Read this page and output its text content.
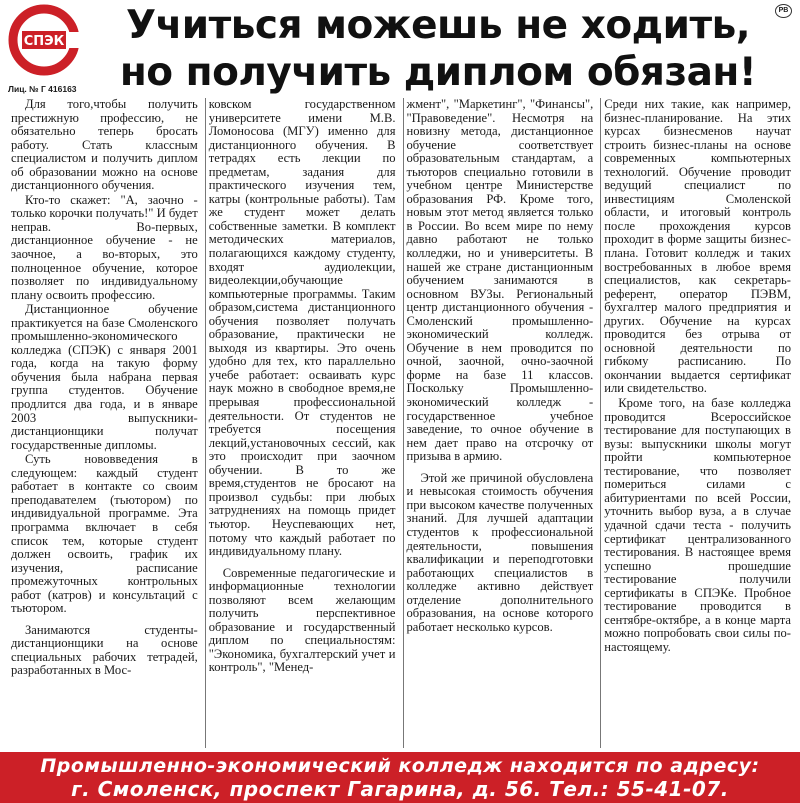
СПЭК
Лиц. № Г 416163
РВ
Учиться можешь не ходить,
но получить диплом обязан!

Для того,чтобы получить престижную профессию, не обязательно теперь бросать работу. Стать классным специалистом и получить диплом об образовании можно на основе дистанционного обучения.

Кто-то скажет: "А, заочно - только корочки получать!" И будет неправ. Во-первых, дистанционное обучение - не заочное, а во-вторых, это полноценное обучение, которое позволяет по индивидуальному плану освоить профессию.

Дистанционное обучение практикуется на базе Смоленского промышленно-экономического колледжа (СПЭК) с января 2001 года, когда на такую форму обучения была набрана первая группа студентов. Обучение продлится два года, и в январе 2003 выпускники-дистанционщики получат государственные дипломы.

Суть нововведения в следующем: каждый студент работает в контакте со своим преподавателем (тьютором) по индивидуальной программе. Эта программа включает в себя список тем, которые студент должен освоить, график их изучения, расписание промежуточных контрольных работ (катров) и консультаций с тьютором.

Занимаются студенты-дистанционщики на основе специальных рабочих тетрадей, разработанных в Мос-

ковском государственном университете имени М.В. Ломоносова (МГУ) именно для дистанционного обучения. В тетрадях есть лекции по предметам, задания для практического изучения тем, катры (контрольные работы). Там же студент может делать собственные заметки. В комплект методических материалов, полагающихся каждому студенту, входят аудиолекции, видеолекции,обучающие компьютерные программы. Таким образом,система дистанционного обучения позволяет получать образование, практически не выходя из квартиры. Это очень удобно для тех, кто параллельно учебе работает: осваивать курс наук можно в свободное время,не прерывая профессиональной деятельности. От студентов не требуется посещения лекций,установочных сессий, как это происходит при заочном обучении. В то же время,студентов не бросают на произвол судьбы: при любых затруднениях на помощь придет тьютор. Неуспевающих нет, потому что каждый работает по индивидуальному плану.

Современные педагогические и информационные технологии позволяют всем желающим получить перспективное образование и государственный диплом по специальностям: "Экономика, бухгалтерский учет и контроль", "Менед-

жмент", "Маркетинг", "Финансы", "Правоведение". Несмотря на новизну метода, дистанционное обучение соответствует образовательным стандартам, а тьюторов специально готовили в учебном центре Министерстве образования РФ. Кроме того, новым этот метод является только в России. Во всем мире по нему давно работают не только колледжи, но и университеты. В нашей же стране дистанционным обучением занимаются в основном ВУЗы. Региональный центр дистанционного обучения - Смоленский промышленно-экономический колледж. Обучение в нем проводится по очной, заочной, очно-заочной форме на базе 11 классов. Поскольку Промышленно-экономический колледж - государственное учебное заведение, то очное обучение в нем дает право на отсрочку от призыва в армию.

Этой же причиной обусловлена и невысокая стоимость обучения при высоком качестве полученных знаний. Для лучшей адаптации студентов к профессиональной деятельности, повышения квалификации и переподготовки работающих специалистов в колледже активно действует отделение дополнительного образования, на основе которого работает несколько курсов.

Среди них такие, как например, бизнес-планирование. На этих курсах бизнесменов научат строить бизнес-планы на основе современных компьютерных технологий. Обучение проводит ведущий специалист по инвестициям Смоленской области, и итоговый контроль после прохождения курсов проходит в форме защиты бизнес-плана. Готовит колледж и таких востребованных в любое время специалистов, как секретарь-референт, оператор ПЭВМ, бухгалтер малого предприятия и других. Обучение на курсах проводится без отрыва от основной деятельности по гибкому расписанию. По окончании выдается сертификат или свидетельство.

Кроме того, на базе колледжа проводится Всероссийское тестирование для поступающих в вузы: выпускники школы могут пройти компьютерное тестирование, что позволяет помериться силами с абитуриентами по всей России, уточнить выбор вуза, а в случае удачной сдачи теста - получить сертификат централизованного тестирования. В настоящее время успешно прошедшие тестирование получили сертификаты в СПЭКе. Пробное тестирование проводится в сентябре-октябре, а в конце марта можно попробовать свои силы по-настоящему.

Промышленно-экономический колледж находится по адресу:
г. Смоленск, проспект Гагарина, д. 56. Тел.: 55-41-07.
